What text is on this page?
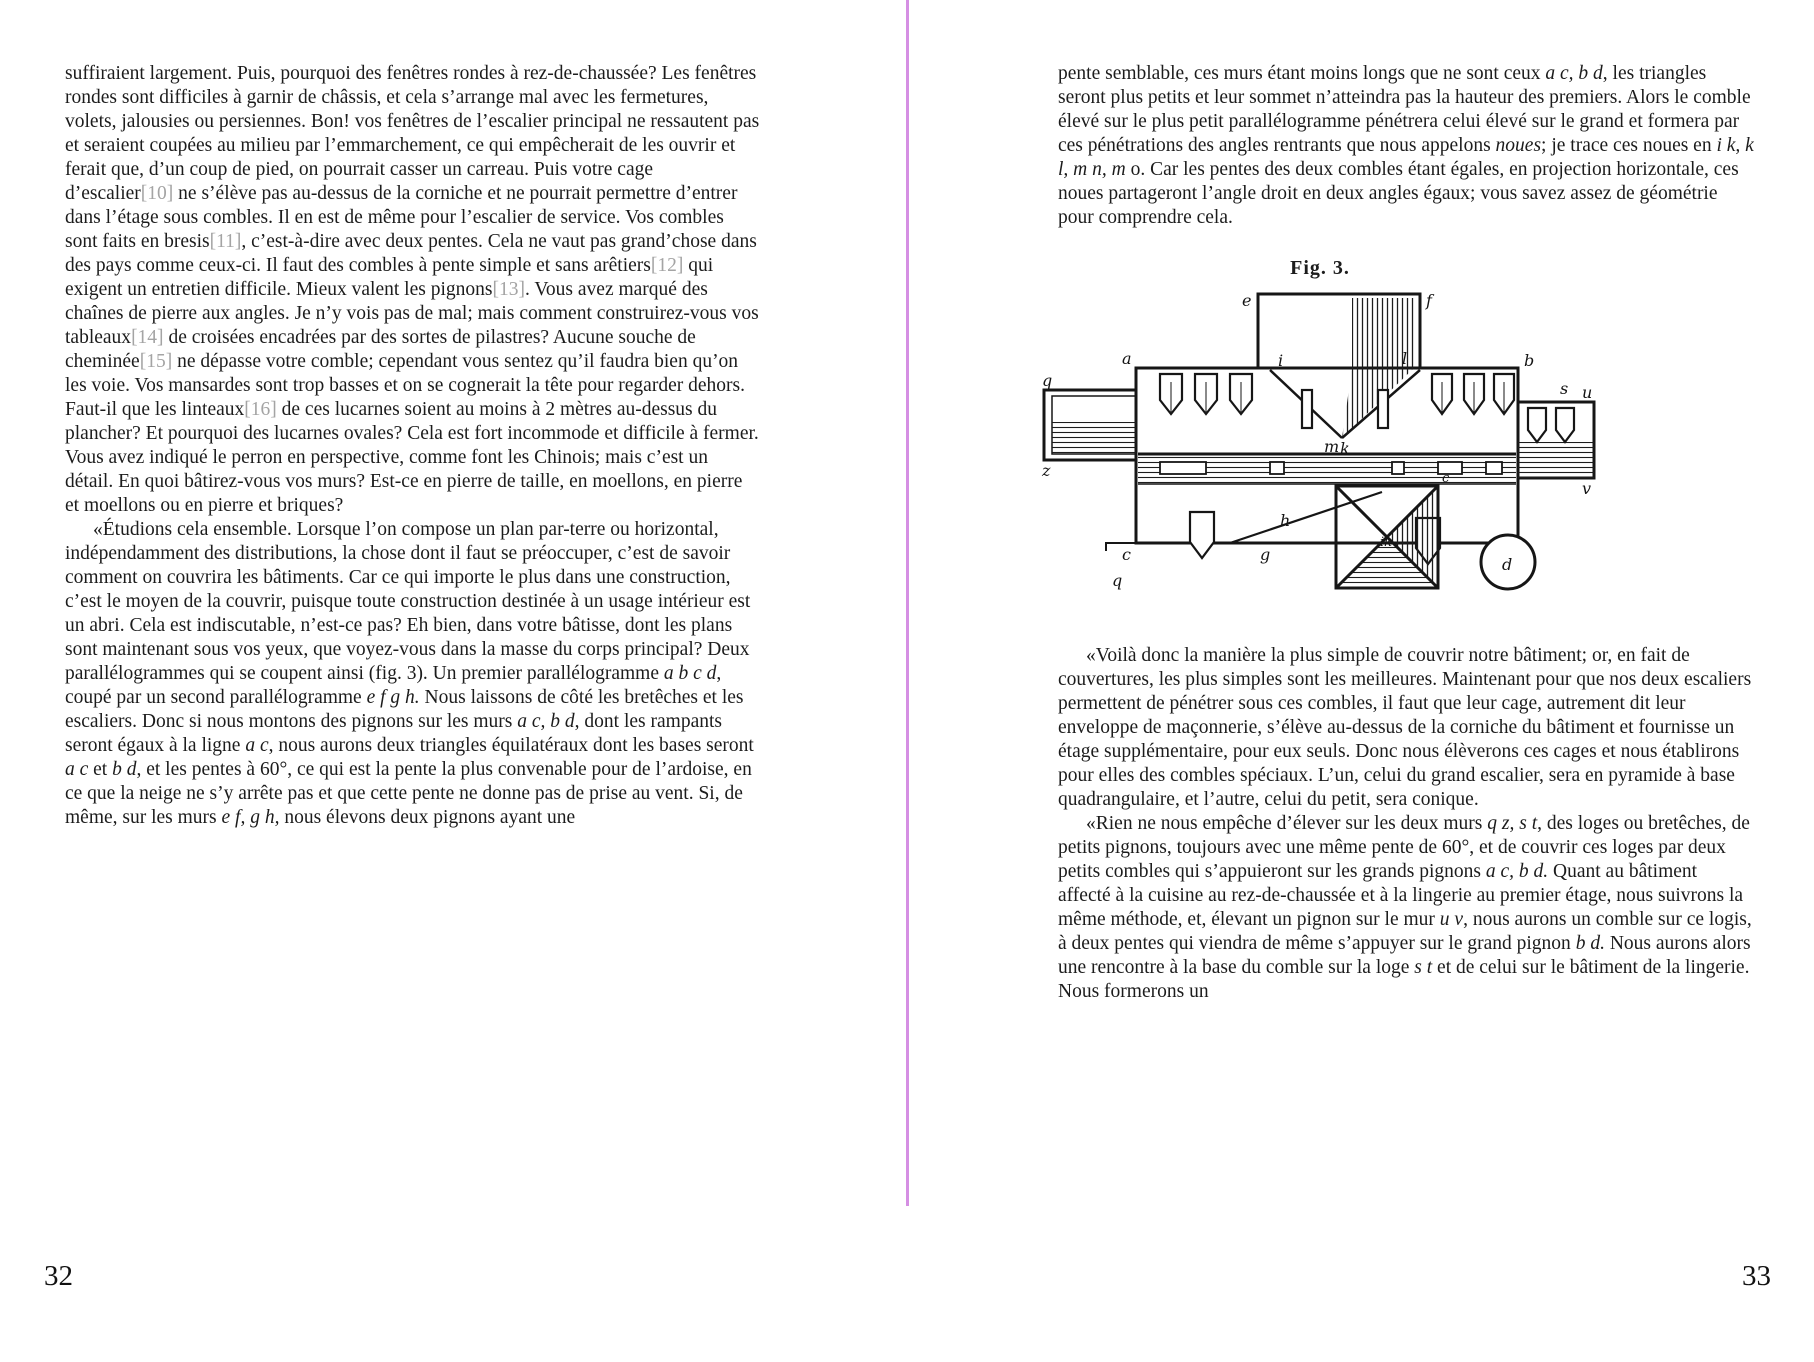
suffiraient largement. Puis, pourquoi des fenêtres rondes à rez-de-chaussée? Les fenêtres rondes sont difficiles à garnir de châssis, et cela s’arrange mal avec les fermetures, volets, jalousies ou persiennes. Bon! vos fenêtres de l’escalier principal ne ressautent pas et seraient coupées au milieu par l’emmarchement, ce qui empêcherait de les ouvrir et ferait que, d’un coup de pied, on pourrait casser un carreau. Puis votre cage d’escalier[10] ne s’élève pas au-dessus de la corniche et ne pourrait permettre d’entrer dans l’étage sous combles. Il en est de même pour l’escalier de service. Vos combles sont faits en bresis[11], c’est-à-dire avec deux pentes. Cela ne vaut pas grand’chose dans des pays comme ceux-ci. Il faut des combles à pente simple et sans arêtiers[12] qui exigent un entretien difficile. Mieux valent les pignons[13]. Vous avez marqué des chaînes de pierre aux angles. Je n’y vois pas de mal; mais comment construirez-vous vos tableaux[14] de croisées encadrées par des sortes de pilastres? Aucune souche de cheminée[15] ne dépasse votre comble; cependant vous sentez qu’il faudra bien qu’on les voie. Vos mansardes sont trop basses et on se cognerait la tête pour regarder dehors. Faut-il que les linteaux[16] de ces lucarnes soient au moins à 2 mètres au-dessus du plancher? Et pourquoi des lucarnes ovales? Cela est fort incommode et difficile à fermer. Vous avez indiqué le perron en perspective, comme font les Chinois; mais c’est un détail. En quoi bâtirez-vous vos murs? Est-ce en pierre de taille, en moellons, en pierre et moellons ou en pierre et briques?

«Étudions cela ensemble. Lorsque l’on compose un plan par-terre ou horizontal, indépendamment des distributions, la chose dont il faut se préoccuper, c’est de savoir comment on couvrira les bâtiments. Car ce qui importe le plus dans une construction, c’est le moyen de la couvrir, puisque toute construction destinée à un usage intérieur est un abri. Cela est indiscutable, n’est-ce pas? Eh bien, dans votre bâtisse, dont les plans sont maintenant sous vos yeux, que voyez-vous dans la masse du corps principal? Deux parallélogrammes qui se coupent ainsi (fig. 3). Un premier parallélogramme a b c d, coupé par un second parallélogramme e f g h. Nous laissons de côté les bretêches et les escaliers. Donc si nous montons des pignons sur les murs a c, b d, dont les rampants seront égaux à la ligne a c, nous aurons deux triangles équilatéraux dont les bases seront a c et b d, et les pentes à 60°, ce qui est la pente la plus convenable pour de l’ardoise, en ce que la neige ne s’y arrête pas et que cette pente ne donne pas de prise au vent. Si, de même, sur les murs e f, g h, nous élevons deux pignons ayant une

pente semblable, ces murs étant moins longs que ne sont ceux a c, b d, les triangles seront plus petits et leur sommet n’atteindra pas la hauteur des premiers. Alors le comble élevé sur le plus petit parallélogramme pénétrera celui élevé sur le grand et formera par ces pénétrations des angles rentrants que nous appelons noues; je trace ces noues en i k, k l, m n, m o. Car les pentes des deux combles étant égales, en projection horizontale, ces noues partageront l’angle droit en deux angles égaux; vous savez assez de géométrie pour comprendre cela.

Fig. 3.
a	b
e	f
i
k
l
m
s u
v
q
z
h
g
d
ik
c
c
q

«Voilà donc la manière la plus simple de couvrir notre bâtiment; or, en fait de couvertures, les plus simples sont les meilleures. Maintenant pour que nos deux escaliers permettent de pénétrer sous ces combles, il faut que leur cage, autrement dit leur enveloppe de maçonnerie, s’élève au-dessus de la corniche du bâtiment et fournisse un étage supplémentaire, pour eux seuls. Donc nous élèverons ces cages et nous établirons pour elles des combles spéciaux. L’un, celui du grand escalier, sera en pyramide à base quadrangulaire, et l’autre, celui du petit, sera conique.

«Rien ne nous empêche d’élever sur les deux murs q z, s t, des loges ou bretêches, de petits pignons, toujours avec une même pente de 60°, et de couvrir ces loges par deux petits combles qui s’appuieront sur les grands pignons a c, b d. Quant au bâtiment affecté à la cuisine au rez-de-chaussée et à la lingerie au premier étage, nous suivrons la même méthode, et, élevant un pignon sur le mur u v, nous aurons un comble sur ce logis, à deux pentes qui viendra de même s’appuyer sur le grand pignon b d. Nous aurons alors une rencontre à la base du comble sur la loge s t et de celui sur le bâtiment de la lingerie. Nous formerons un

32	33
